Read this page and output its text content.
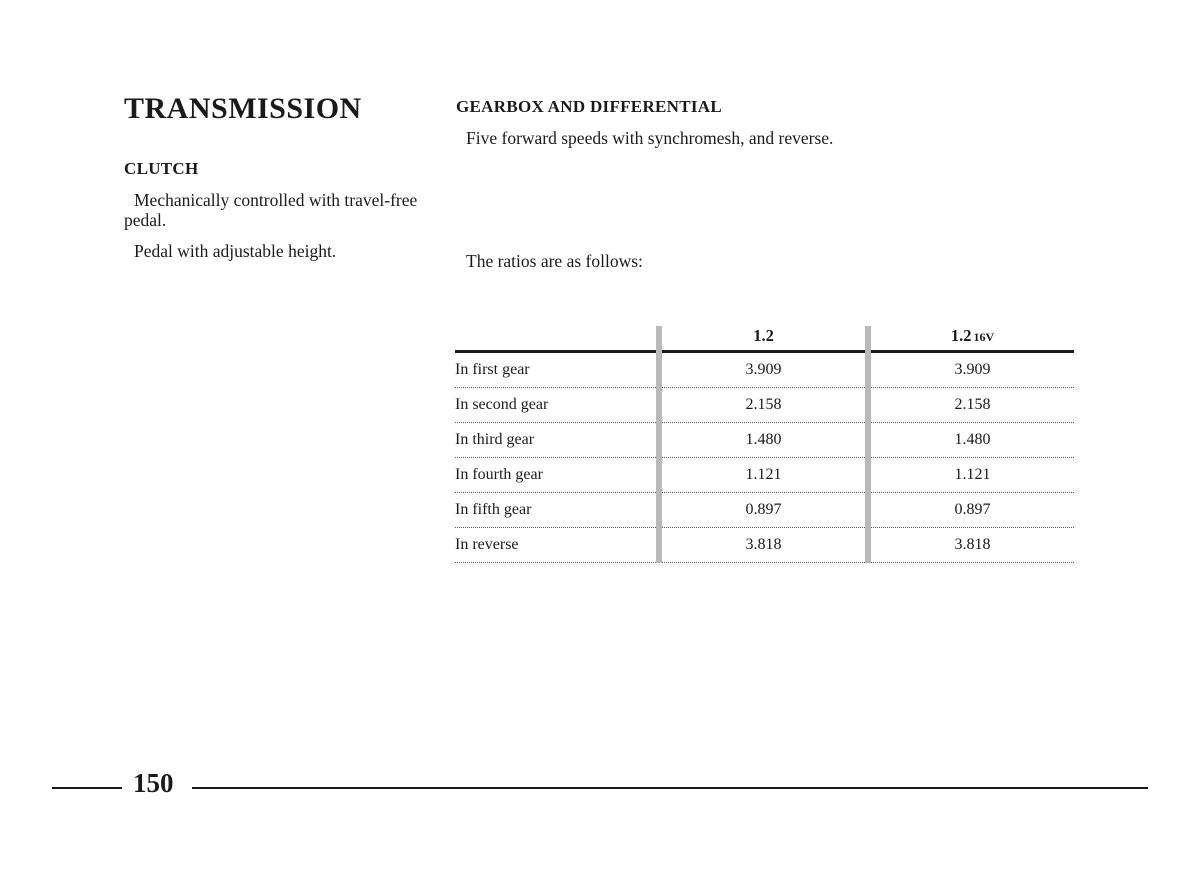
TRANSMISSION
CLUTCH

Mechanically controlled with travel-free pedal.

Pedal with adjustable height.

GEARBOX AND DIFFERENTIAL

Five forward speeds with synchromesh, and reverse.

The ratios are as follows:

	1.2	1.2 16V
In first gear	3.909	3.909
In second gear	2.158	2.158
In third gear	1.480	1.480
In fourth gear	1.121	1.121
In fifth gear	0.897	0.897
In reverse	3.818	3.818

150
